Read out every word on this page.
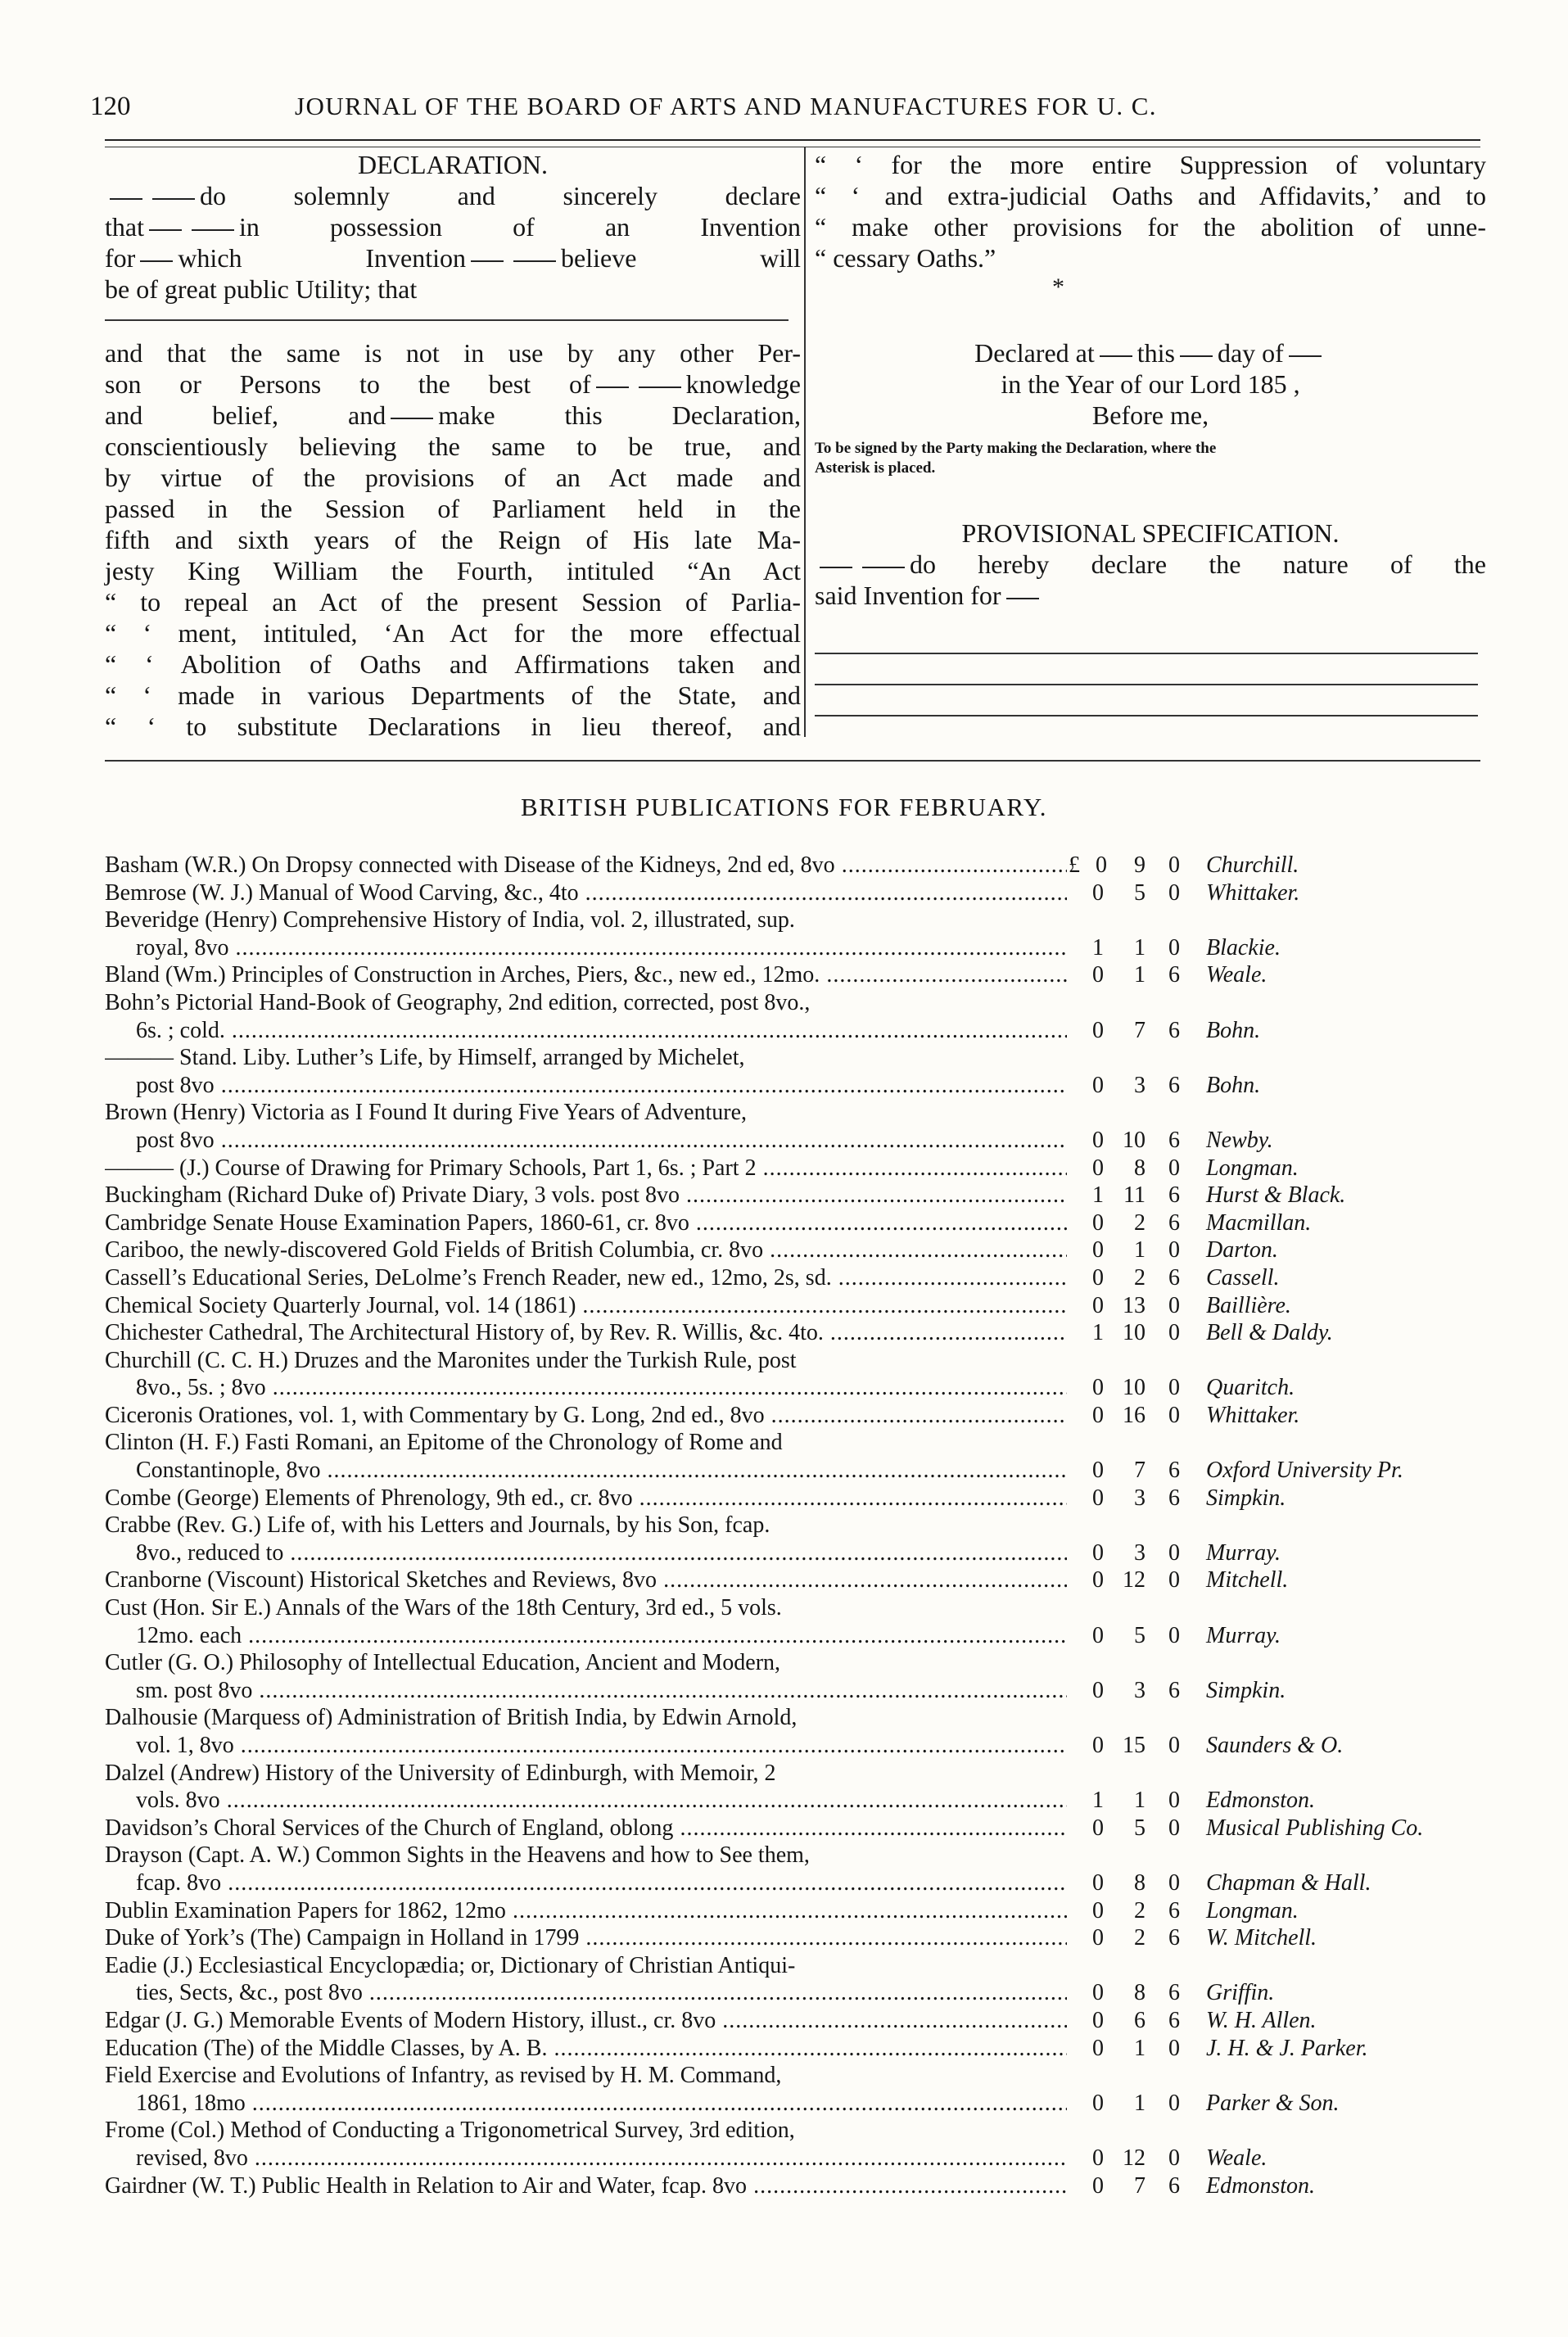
120	JOURNAL OF THE BOARD OF ARTS AND MANUFACTURES FOR U. C.
DECLARATION.
do solemnly and sincerely declare
that	in possession of an Invention
for which Invention	believe will
be of great public Utility; that
and that the same is not in use by any other Per-
son or Persons to the best of	knowledge
and belief, and make this Declaration,
conscientiously believing the same to be true, and
by virtue of the provisions of an Act made and
passed in the Session of Parliament held in the
fifth and sixth years of the Reign of His late Ma-
jesty King William the Fourth, intituled “An Act
“ to repeal an Act of the present Session of Parlia-
“ ‘ ment, intituled, ‘An Act for the more effectual
“ ‘ Abolition of Oaths and Affirmations taken and
“ ‘ made in various Departments of the State, and
“ ‘ to substitute Declarations in lieu thereof, and
“ ‘ for the more entire Suppression of voluntary
“ ‘ and extra-judicial Oaths and Affidavits,’ and to
“ make other provisions for the abolition of unne-
“ cessary Oaths.”
*
Declared at this day of
in the Year of our Lord 185 ,
Before me,
To be signed by the Party making the Declaration, where the
Asterisk is placed.
PROVISIONAL SPECIFICATION.
do hereby declare the nature of the
said Invention for
BRITISH PUBLICATIONS FOR FEBRUARY.
Basham (W.R.) On Dropsy connected with Disease of the Kidneys, 2nd ed, 8vo .....	£ 0	9	0 Churchill.
Bemrose (W. J.) Manual of Wood Carving, &c., 4to .....	0	5	0 Whittaker.
Beveridge (Henry) Comprehensive History of India, vol. 2, illustrated, sup.
royal, 8vo .....	1	1	0 Blackie.
Bland (Wm.) Principles of Construction in Arches, Piers, &c., new ed., 12mo. .....	0	1	6 Weale.
Bohn’s Pictorial Hand-Book of Geography, 2nd edition, corrected, post 8vo.,
6s. ; cold. .....	0	7	6 Bohn.
——— Stand. Liby. Luther’s Life, by Himself, arranged by Michelet,
post 8vo .....	0	3	6 Bohn.
Brown (Henry) Victoria as I Found It during Five Years of Adventure,
post 8vo .....	0 10	6 Newby.
——— (J.) Course of Drawing for Primary Schools, Part 1, 6s. ; Part 2 .....	0	8	0 Longman.
Buckingham (Richard Duke of) Private Diary, 3 vols. post 8vo .....	1 11	6 Hurst & Black.
Cambridge Senate House Examination Papers, 1860-61, cr. 8vo .....	0	2	6 Macmillan.
Cariboo, the newly-discovered Gold Fields of British Columbia, cr. 8vo .....	0	1	0 Darton.
Cassell’s Educational Series, DeLolme’s French Reader, new ed., 12mo, 2s, sd. .....	0	2	6 Cassell.
Chemical Society Quarterly Journal, vol. 14 (1861) .....	0 13	0 Baillière.
Chichester Cathedral, The Architectural History of, by Rev. R. Willis, &c. 4to. .....	1 10	0 Bell & Daldy.
Churchill (C. C. H.) Druzes and the Maronites under the Turkish Rule, post
8vo., 5s. ; 8vo .....	0 10	0 Quaritch.
Ciceronis Orationes, vol. 1, with Commentary by G. Long, 2nd ed., 8vo .....	0 16	0 Whittaker.
Clinton (H. F.) Fasti Romani, an Epitome of the Chronology of Rome and
Constantinople, 8vo .....	0	7	6 Oxford University Pr.
Combe (George) Elements of Phrenology, 9th ed., cr. 8vo .....	0	3	6 Simpkin.
Crabbe (Rev. G.) Life of, with his Letters and Journals, by his Son, fcap.
8vo., reduced to .....	0	3	0 Murray.
Cranborne (Viscount) Historical Sketches and Reviews, 8vo .....	0 12	0 Mitchell.
Cust (Hon. Sir E.) Annals of the Wars of the 18th Century, 3rd ed., 5 vols.
12mo. each .....	0	5	0 Murray.
Cutler (G. O.) Philosophy of Intellectual Education, Ancient and Modern,
sm. post 8vo .....	0	3	6 Simpkin.
Dalhousie (Marquess of) Administration of British India, by Edwin Arnold,
vol. 1, 8vo .....	0 15	0 Saunders & O.
Dalzel (Andrew) History of the University of Edinburgh, with Memoir, 2
vols. 8vo .....	1	1	0 Edmonston.
Davidson’s Choral Services of the Church of England, oblong .....	0	5	0 Musical Publishing Co.
Drayson (Capt. A. W.) Common Sights in the Heavens and how to See them,
fcap. 8vo .....	0	8	0 Chapman & Hall.
Dublin Examination Papers for 1862, 12mo .....	0	2	6 Longman.
Duke of York’s (The) Campaign in Holland in 1799 .....	0	2	6 W. Mitchell.
Eadie (J.) Ecclesiastical Encyclopædia; or, Dictionary of Christian Antiqui-
ties, Sects, &c., post 8vo .....	0	8	6 Griffin.
Edgar (J. G.) Memorable Events of Modern History, illust., cr. 8vo .....	0	6	6 W. H. Allen.
Education (The) of the Middle Classes, by A. B. .....	0	1	0 J. H. & J. Parker.
Field Exercise and Evolutions of Infantry, as revised by H. M. Command,
1861, 18mo .....	0	1	0 Parker & Son.
Frome (Col.) Method of Conducting a Trigonometrical Survey, 3rd edition,
revised, 8vo .....	0 12	0 Weale.
Gairdner (W. T.) Public Health in Relation to Air and Water, fcap. 8vo .....	0	7	6 Edmonston.
